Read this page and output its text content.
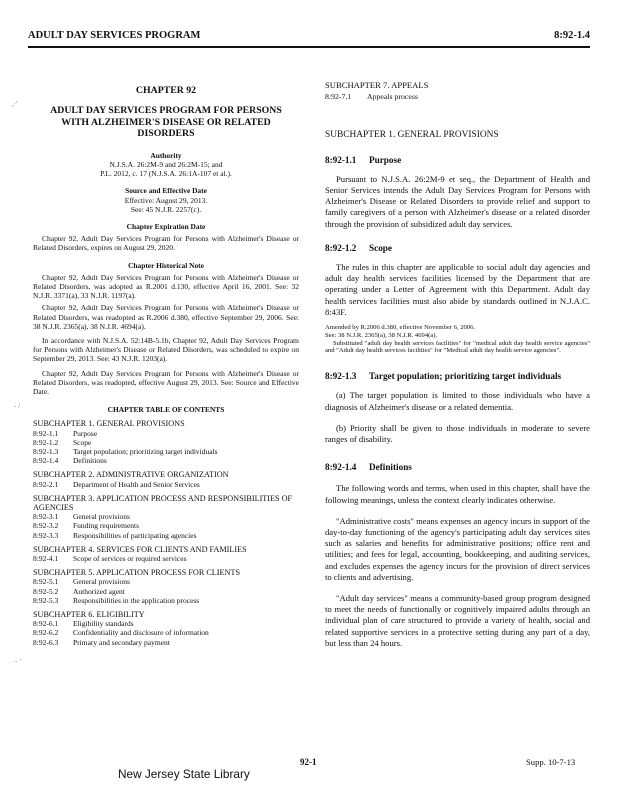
ADULT DAY SERVICES PROGRAM	8:92-1.4
CHAPTER 92
ADULT DAY SERVICES PROGRAM FOR PERSONS
WITH ALZHEIMER'S DISEASE OR RELATED
DISORDERS
Authority
N.J.S.A. 26:2M-9 and 26:2M-15; and
P.L. 2012, c. 17 (N.J.S.A. 26:1A-107 et al.).
Source and Effective Date
Effective: August 29, 2013.
See: 45 N.J.R. 2257(c).
Chapter Expiration Date

Chapter 92, Adult Day Services Program for Persons with Alzheimer's Disease or Related Disorders, expires on August 29, 2020.

Chapter Historical Note

Chapter 92, Adult Day Services Program for Persons with Alzheimer's Disease or Related Disorders, was adopted as R.2001 d.130, effective April 16, 2001. See: 32 N.J.R. 3371(a), 33 N.J.R. 1197(a).

Chapter 92, Adult Day Services Program for Persons with Alzheimer's Disease or Related Disorders, was readopted as R.2006 d.380, effective September 29, 2006. See: 38 N.J.R. 2365(a), 38 N.J.R. 4694(a).

In accordance with N.J.S.A. 52:14B-5.1b, Chapter 92, Adult Day Services Program for Persons with Alzheimer's Disease or Related Disorders, was scheduled to expire on September 29, 2013. See: 43 N.J.R. 1203(a).

Chapter 92, Adult Day Services Program for Persons with Alzheimer's Disease or Related Disorders, was readopted, effective August 29, 2013. See: Source and Effective Date.

CHAPTER TABLE OF CONTENTS
SUBCHAPTER 1. GENERAL PROVISIONS
8:92-1.1	Purpose
8:92-1.2	Scope
8:92-1.3	Target population; prioritizing target individuals
8:92-1.4	Definitions
SUBCHAPTER 2. ADMINISTRATIVE ORGANIZATION
8:92-2.1	Department of Health and Senior Services
SUBCHAPTER 3. APPLICATION PROCESS AND RESPONSIBILITIES OF AGENCIES
8:92-3.1	General provisions
8:92-3.2	Funding requirements
8:92-3.3	Responsibilities of participating agencies
SUBCHAPTER 4. SERVICES FOR CLIENTS AND FAMILIES
8:92-4.1	Scope of services or required services
SUBCHAPTER 5. APPLICATION PROCESS FOR CLIENTS
8:92-5.1	General provisions
8:92-5.2	Authorized agent
8:92-5.3	Responsibilities in the application process
SUBCHAPTER 6. ELIGIBILITY
8:92-6.1	Eligibility standards
8:92-6.2	Confidentiality and disclosure of information
8:92-6.3	Primary and secondary payment
SUBCHAPTER 7. APPEALS
8:92-7.1	Appeals process
SUBCHAPTER 1. GENERAL PROVISIONS
8:92-1.1	Purpose

Pursuant to N.J.S.A. 26:2M-9 et seq., the Department of Health and Senior Services intends the Adult Day Services Program for Persons with Alzheimer's Disease or Related Disorders to provide relief and support to family caregivers of a person with Alzheimer's disease or a related disorder through the provision of subsidized adult day services.

8:92-1.2	Scope

The rules in this chapter are applicable to social adult day agencies and adult day health services facilities licensed by the Department that are operating under a Letter of Agreement with this Department. Adult day health services facilities must also abide by standards outlined in N.J.A.C. 8:43F.

Amended by R.2006 d.380, effective November 6, 2006.
See: 38 N.J.R. 2365(a), 38 N.J.R. 4694(a).
Substituted "adult day health services facilities" for "medical adult day health service agencies" and "Adult day health services facilities" for "Medical adult day health service agencies".
8:92-1.3	Target population; prioritizing target individuals

(a) The target population is limited to those individuals who have a diagnosis of Alzheimer's disease or a related dementia.

(b) Priority shall be given to those individuals in moderate to severe ranges of disability.

8:92-1.4	Definitions

The following words and terms, when used in this chapter, shall have the following meanings, unless the context clearly indicates otherwise.

"Administrative costs" means expenses an agency incurs in support of the day-to-day functioning of the agency's participating adult day services sites such as salaries and benefits for administrative positions; office rent and utilities; and fees for legal, accounting, bookkeeping, and auditing services, and excludes expenses the agency incurs for the provision of direct services to clients and advertising.

"Adult day services" means a community-based group program designed to meet the needs of functionally or cognitively impaired adults through an individual plan of care structured to provide a variety of health, social and related supportive services in a protective setting during any part of a day, but less than 24 hours.

New Jersey State Library
92-1	Supp. 10-7-13
,·'
- /
.. ·
